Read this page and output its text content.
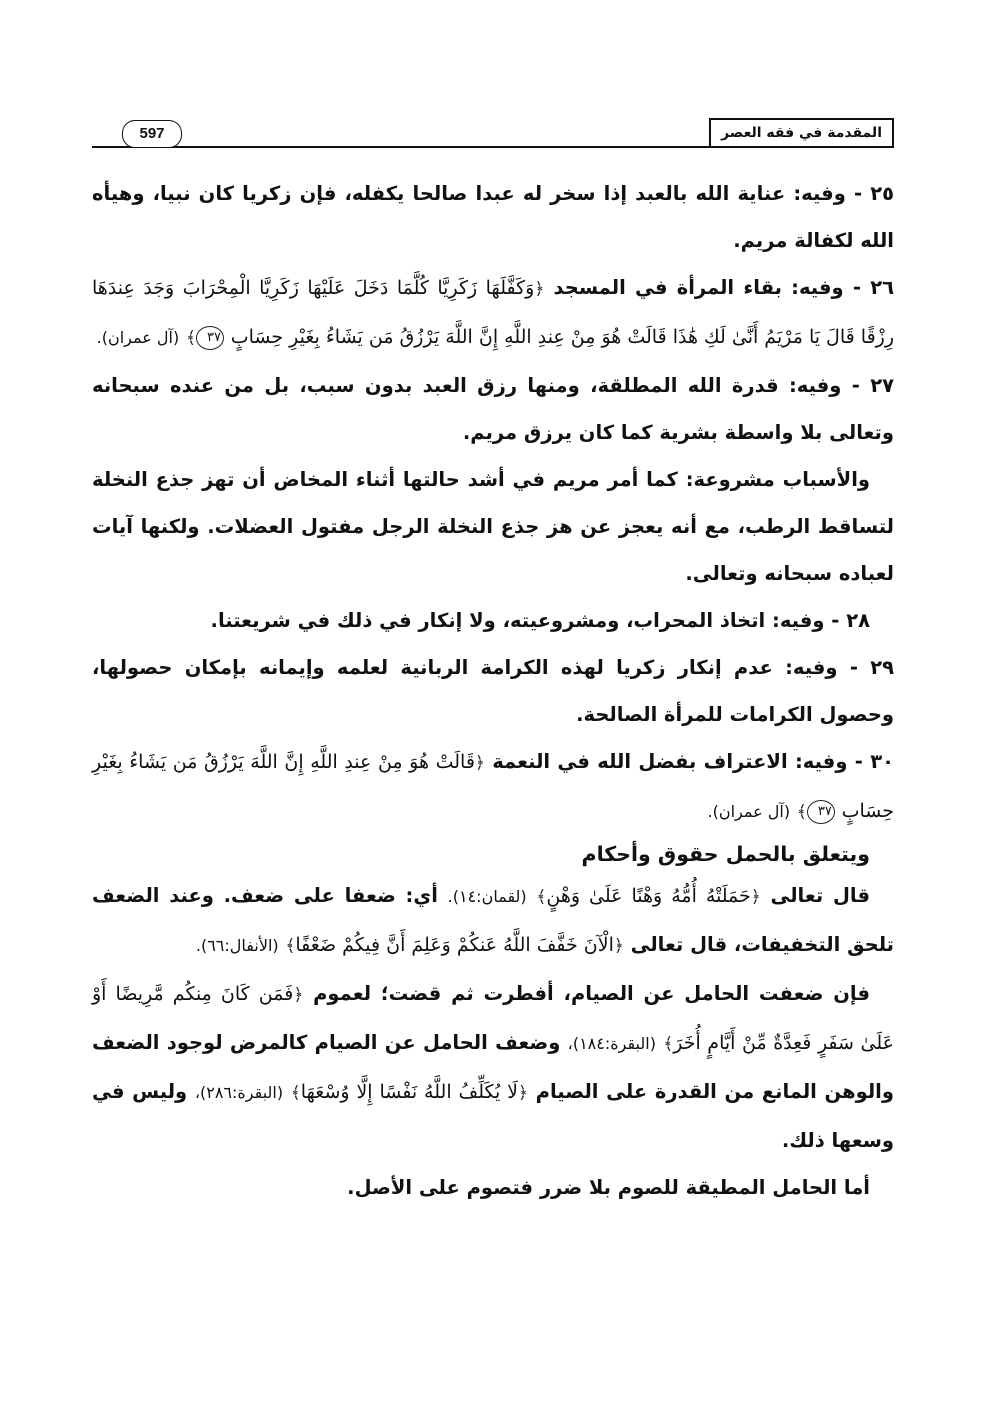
المقدمة في فقه العصر
597

٢٥ - وفيه: عناية الله بالعبد إذا سخر له عبدا صالحا يكفله، فإن زكريا كان نبيا، وهيأه الله لكفالة مريم.

٢٦ - وفيه: بقاء المرأة في المسجد ﴿وَكَفَّلَهَا زَكَرِيَّا كُلَّمَا دَخَلَ عَلَيْهَا زَكَرِيَّا الْمِحْرَابَ وَجَدَ عِندَهَا رِزْقًا قَالَ يَا مَرْيَمُ أَنَّىٰ لَكِ هَٰذَا قَالَتْ هُوَ مِنْ عِندِ اللَّهِ إِنَّ اللَّهَ يَرْزُقُ مَن يَشَاءُ بِغَيْرِ حِسَابٍ ٣٧﴾ (آل عمران).

٢٧ - وفيه: قدرة الله المطلقة، ومنها رزق العبد بدون سبب، بل من عنده سبحانه وتعالى بلا واسطة بشرية كما كان يرزق مريم.

والأسباب مشروعة: كما أمر مريم في أشد حالتها أثناء المخاض أن تهز جذع النخلة لتساقط الرطب، مع أنه يعجز عن هز جذع النخلة الرجل مفتول العضلات. ولكنها آيات لعباده سبحانه وتعالى.

٢٨ - وفيه: اتخاذ المحراب، ومشروعيته، ولا إنكار في ذلك في شريعتنا.

٢٩ - وفيه: عدم إنكار زكريا لهذه الكرامة الربانية لعلمه وإيمانه بإمكان حصولها، وحصول الكرامات للمرأة الصالحة.

٣٠ - وفيه: الاعتراف بفضل الله في النعمة ﴿قَالَتْ هُوَ مِنْ عِندِ اللَّهِ إِنَّ اللَّهَ يَرْزُقُ مَن يَشَاءُ بِغَيْرِ حِسَابٍ ٣٧﴾ (آل عمران).

ويتعلق بالحمل حقوق وأحكام

قال تعالى ﴿حَمَلَتْهُ أُمُّهُ وَهْنًا عَلَىٰ وَهْنٍ﴾ (لقمان:١٤). أي: ضعفا على ضعف. وعند الضعف تلحق التخفيفات، قال تعالى ﴿الْآنَ خَفَّفَ اللَّهُ عَنكُمْ وَعَلِمَ أَنَّ فِيكُمْ ضَعْفًا﴾ (الأنفال:٦٦).

فإن ضعفت الحامل عن الصيام، أفطرت ثم قضت؛ لعموم ﴿فَمَن كَانَ مِنكُم مَّرِيضًا أَوْ عَلَىٰ سَفَرٍ فَعِدَّةٌ مِّنْ أَيَّامٍ أُخَرَ﴾ (البقرة:١٨٤)، وضعف الحامل عن الصيام كالمرض لوجود الضعف والوهن المانع من القدرة على الصيام ﴿لَا يُكَلِّفُ اللَّهُ نَفْسًا إِلَّا وُسْعَهَا﴾ (البقرة:٢٨٦)، وليس في وسعها ذلك.

أما الحامل المطيقة للصوم بلا ضرر فتصوم على الأصل.
